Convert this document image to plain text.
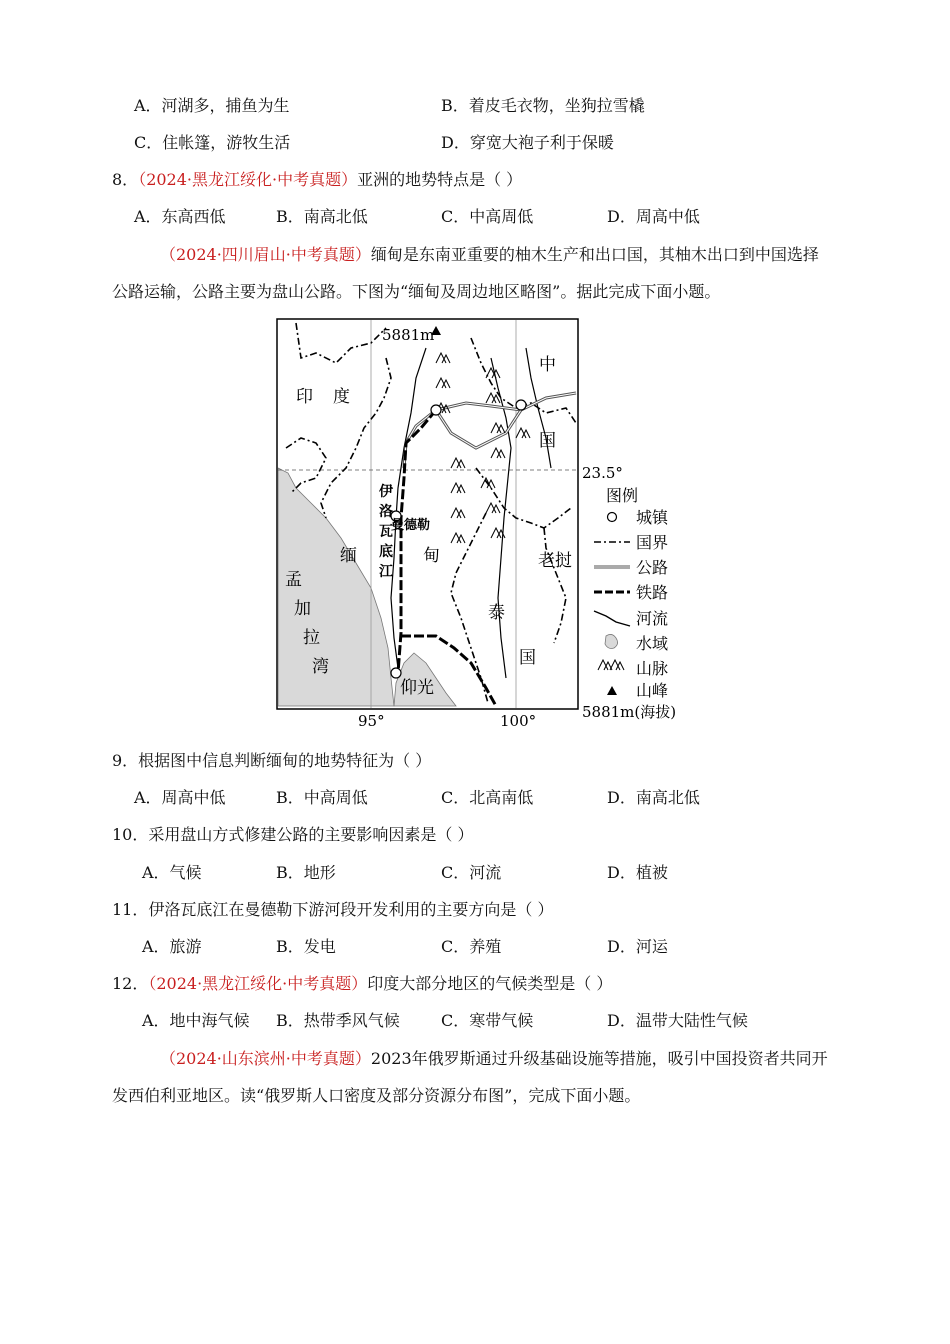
A．河湖多，捕鱼为生	B．着皮毛衣物，坐狗拉雪橇
C．住帐篷，游牧生活	D．穿宽大袍子利于保暖
8．（2024·黑龙江绥化·中考真题）亚洲的地势特点是（ ）
A．东高西低	B．南高北低	C．中高周低	D．周高中低
（2024·四川眉山·中考真题）缅甸是东南亚重要的柚木生产和出口国，其柚木出口到中国选择
公路运输，公路主要为盘山公路。下图为“缅甸及周边地区略图”。据此完成下面小题。
5881m
印 度
中
国
缅	甸	老挝
泰
国
孟
加
拉
湾
仰光
23.5°
95°	100°
伊
洛
瓦
底
江
曼德勒
图例
城镇
国界
公路
铁路
河流
水域
山脉
山峰
5881m(海拔)
9．根据图中信息判断缅甸的地势特征为（ ）
A．周高中低	B．中高周低	C．北高南低	D．南高北低
10．采用盘山方式修建公路的主要影响因素是（ ）
A．气候	B．地形	C．河流	D．植被
11．伊洛瓦底江在曼德勒下游河段开发利用的主要方向是（ ）
A．旅游	B．发电	C．养殖	D．河运
12．（2024·黑龙江绥化·中考真题）印度大部分地区的气候类型是（ ）
A．地中海气候 B．热带季风气候	C．寒带气候	D．温带大陆性气候
（2024·山东滨州·中考真题）2023年俄罗斯通过升级基础设施等措施，吸引中国投资者共同开
发西伯利亚地区。读“俄罗斯人口密度及部分资源分布图”，完成下面小题。
